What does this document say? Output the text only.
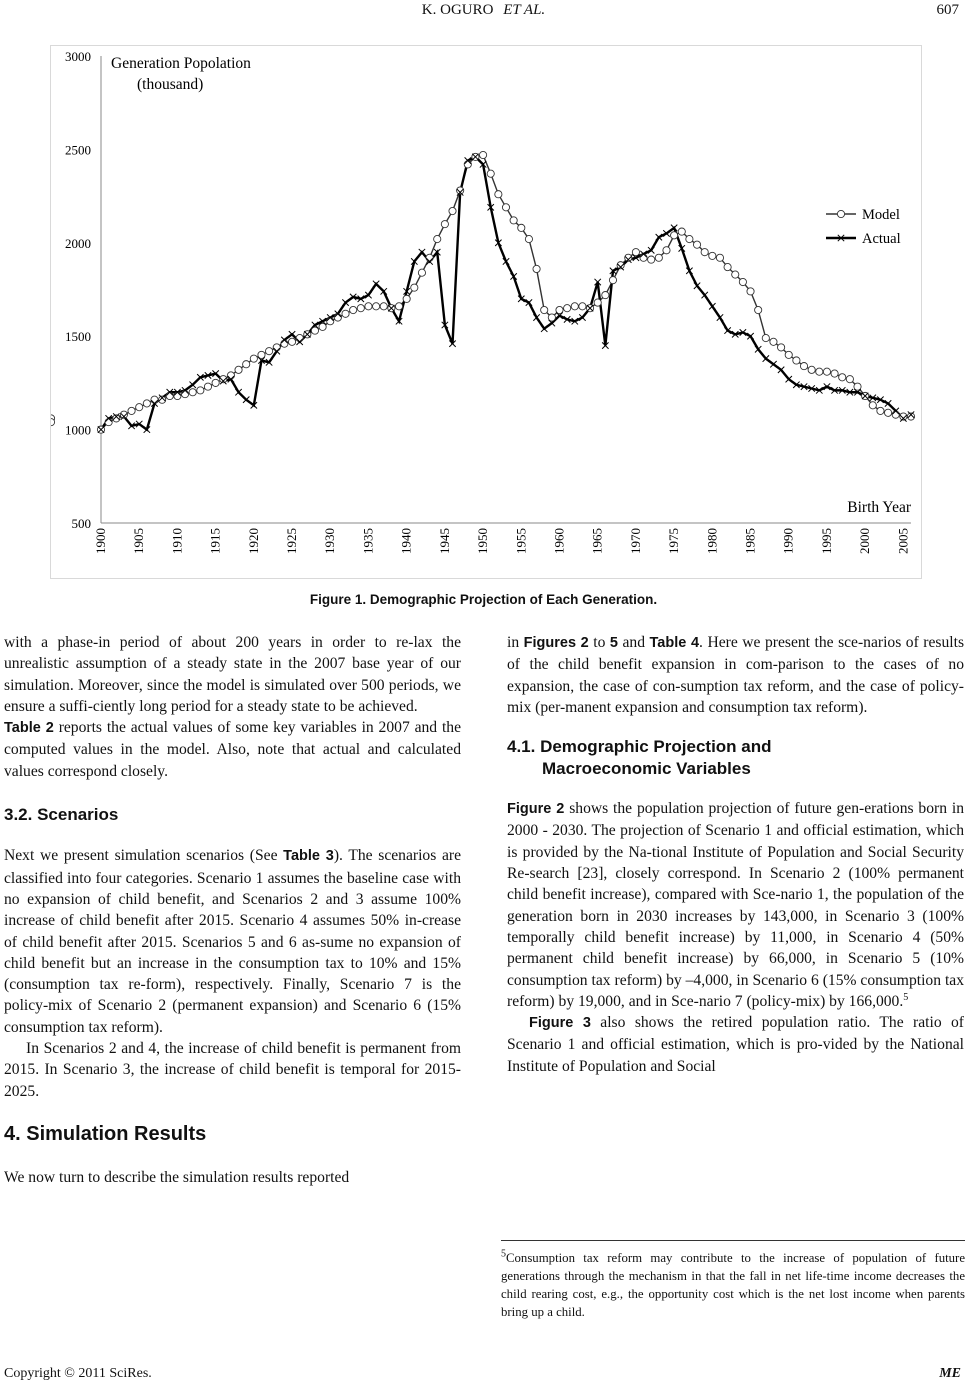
K. OGURO ET AL.	607
500
1000
1500
2000
2500
3000
1900 1905 1910 1915 1920 1925 1930 1935 1940 1945 1950 1955 1960 1965 1970 1975 1980 1985 1990 1995 2000 2005
Model
Actual
Generation Popolation
(thousand)
Birth Year
Figure 1. Demographic Projection of Each Generation.

with a phase-in period of about 200 years in order to re-lax the unrealistic assumption of a steady state in the 2007 base year of our simulation. Moreover, since the model is simulated over 500 periods, we ensure a suffi-ciently long period for a steady state to be achieved.

Table 2 reports the actual values of some key variables in 2007 and the computed values in the model. Also, note that actual and calculated values correspond closely.

3.2. Scenarios

Next we present simulation scenarios (See Table 3). The scenarios are classified into four categories. Scenario 1 assumes the baseline case with no expansion of child benefit, and Scenarios 2 and 3 assume 100% increase of child benefit after 2015. Scenario 4 assumes 50% in-crease of child benefit after 2015. Scenarios 5 and 6 as-sume no expansion of child benefit but an increase in the consumption tax to 10% and 15% (consumption tax re-form), respectively. Finally, Scenario 7 is the policy-mix of Scenario 2 (permanent expansion) and Scenario 6 (15% consumption tax reform).

In Scenarios 2 and 4, the increase of child benefit is permanent from 2015. In Scenario 3, the increase of child benefit is temporal for 2015-2025.

4. Simulation Results

We now turn to describe the simulation results reported

in Figures 2 to 5 and Table 4. Here we present the sce-narios of results of the child benefit expansion in com-parison to the cases of no expansion, the case of con-sumption tax reform, and the case of policy-mix (per-manent expansion and consumption tax reform).

4.1. Demographic Projection and
Macroeconomic Variables

Figure 2 shows the population projection of future gen-erations born in 2000 - 2030. The projection of Scenario 1 and official estimation, which is provided by the Na-tional Institute of Population and Social Security Re-search [23], closely correspond. In Scenario 2 (100% permanent child benefit increase), compared with Sce-nario 1, the population of the generation born in 2030 increases by 143,000, in Scenario 3 (100% temporally child benefit increase) by 11,000, in Scenario 4 (50% permanent child benefit increase) by 66,000, in Scenario 5 (10% consumption tax reform) by –4,000, in Scenario 6 (15% consumption tax reform) by 19,000, and in Sce-nario 7 (policy-mix) by 166,000.$^5$

Figure 3 also shows the retired population ratio. The ratio of Scenario 1 and official estimation, which is pro-vided by the National Institute of Population and Social

$^5$Consumption tax reform may contribute to the increase of population of future generations through the mechanism in that the fall in net life-time income decreases the child rearing cost, e.g., the opportunity cost which is the net lost income when parents bring up a child.
Copyright © 2011 SciRes.	ME
